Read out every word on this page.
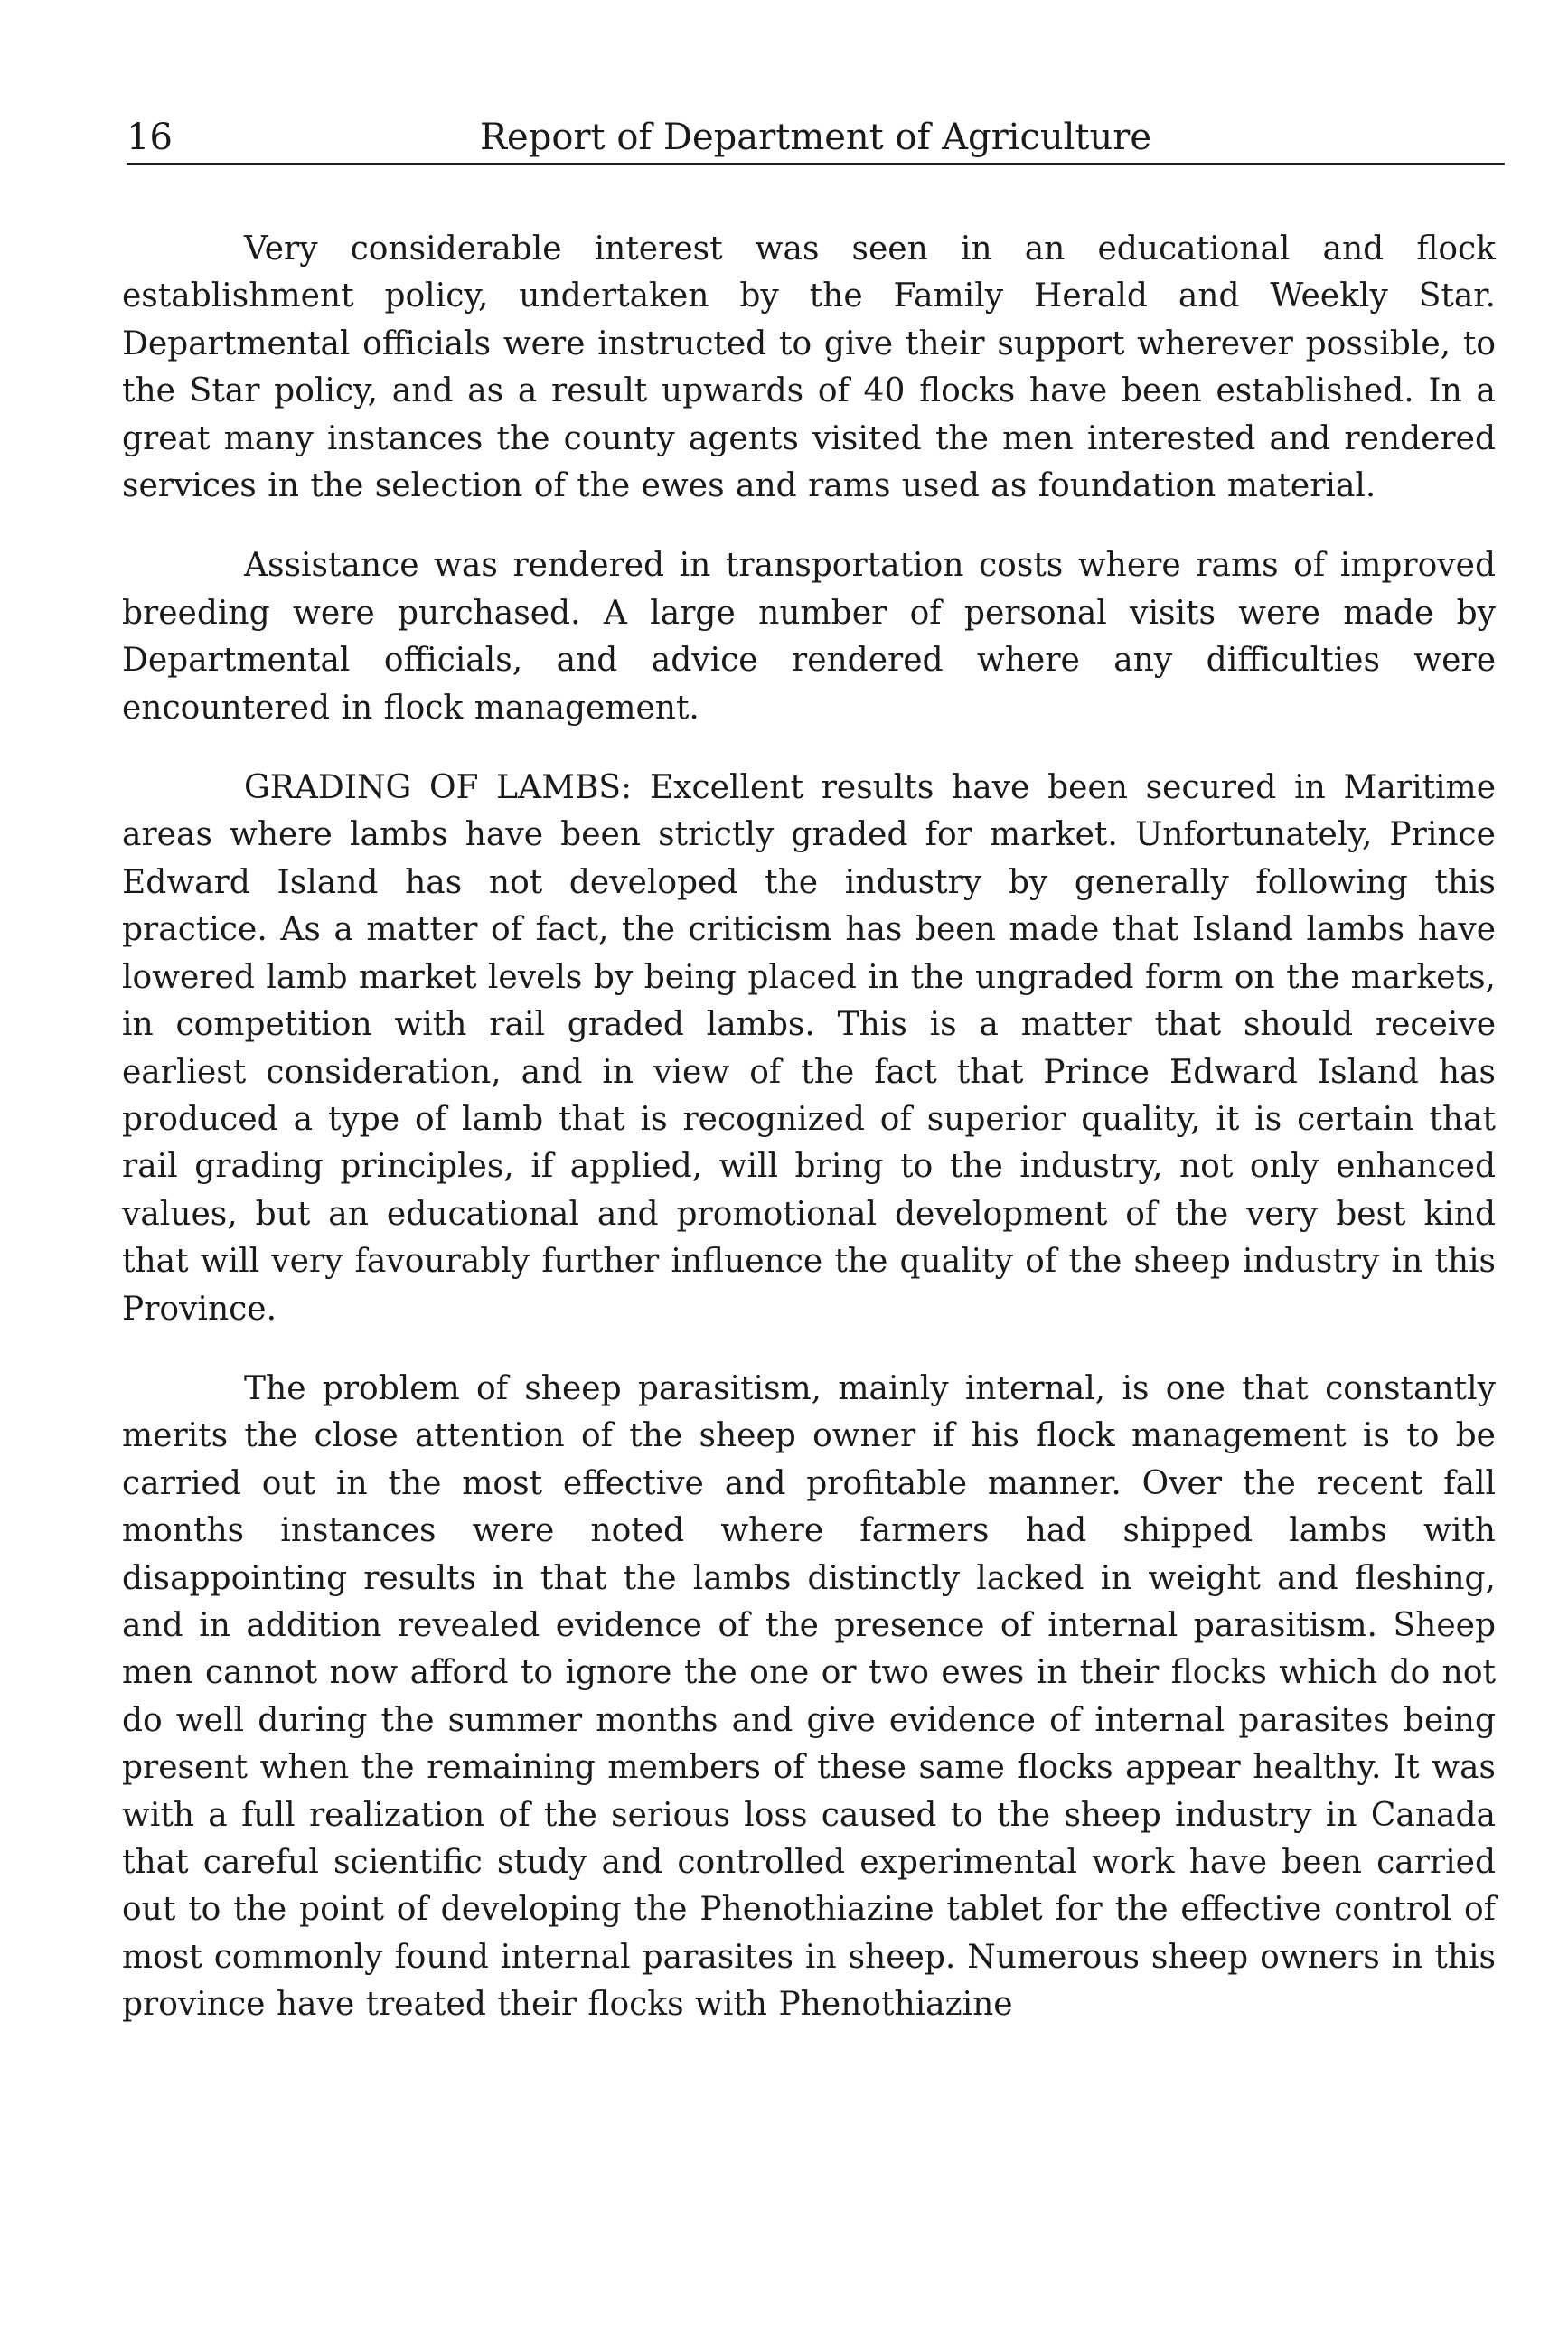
16	Report of Department of Agriculture

Very considerable interest was seen in an educational and flock establishment policy, undertaken by the Family Herald and Weekly Star. Departmental officials were instructed to give their support wherever possible, to the Star policy, and as a result upwards of 40 flocks have been established. In a great many instances the county agents visited the men interested and rendered services in the selection of the ewes and rams used as foundation material.

Assistance was rendered in transportation costs where rams of improved breeding were purchased. A large number of personal visits were made by Departmental officials, and advice rendered where any difficulties were encountered in flock management.

GRADING OF LAMBS: Excellent results have been secured in Maritime areas where lambs have been strictly graded for market. Unfortunately, Prince Edward Island has not developed the industry by generally following this practice. As a matter of fact, the criticism has been made that Island lambs have lowered lamb market levels by being placed in the ungraded form on the markets, in competition with rail graded lambs. This is a matter that should receive earliest consideration, and in view of the fact that Prince Edward Island has produced a type of lamb that is recognized of superior quality, it is certain that rail grading principles, if applied, will bring to the industry, not only enhanced values, but an educational and promotional development of the very best kind that will very favourably further influence the quality of the sheep industry in this Province.

The problem of sheep parasitism, mainly internal, is one that constantly merits the close attention of the sheep owner if his flock management is to be carried out in the most effective and profitable manner. Over the recent fall months instances were noted where farmers had shipped lambs with disappointing results in that the lambs distinctly lacked in weight and fleshing, and in addition revealed evidence of the presence of internal parasitism. Sheep men cannot now afford to ignore the one or two ewes in their flocks which do not do well during the summer months and give evidence of internal parasites being present when the remaining members of these same flocks appear healthy. It was with a full realization of the serious loss caused to the sheep industry in Canada that careful scientific study and controlled experimental work have been carried out to the point of developing the Phenothiazine tablet for the effective control of most commonly found internal parasites in sheep. Numerous sheep owners in this province have treated their flocks with Phenothiazine
